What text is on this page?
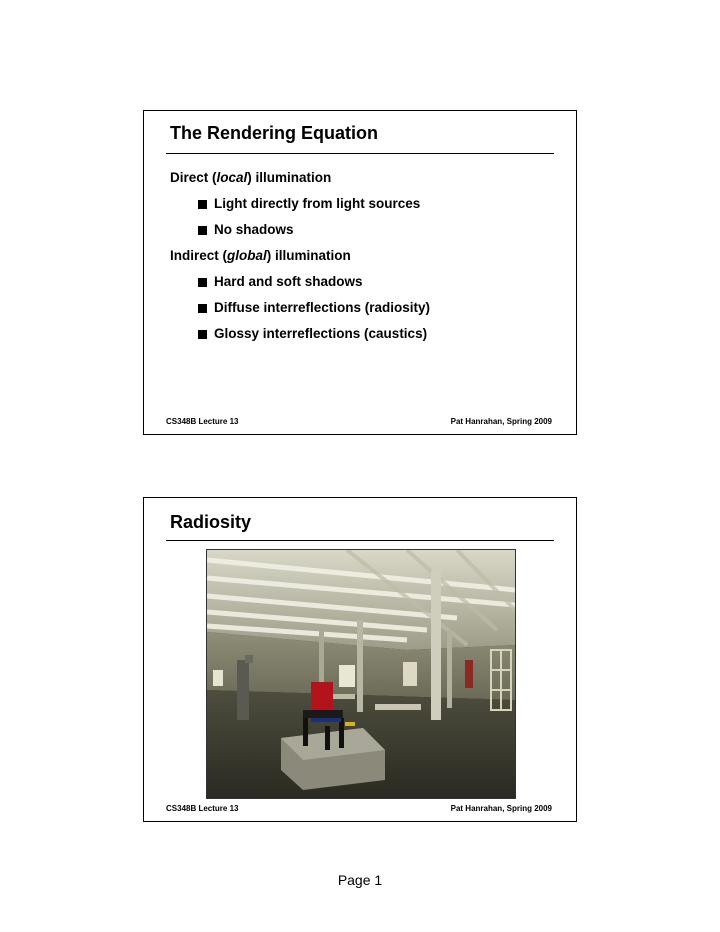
The Rendering Equation
Direct (local) illumination
Light directly from light sources
No shadows
Indirect (global) illumination
Hard and soft shadows
Diffuse interreflections (radiosity)
Glossy interreflections (caustics)
CS348B Lecture 13	Pat Hanrahan, Spring 2009
Radiosity
CS348B Lecture 13	Pat Hanrahan, Spring 2009
Page 1
